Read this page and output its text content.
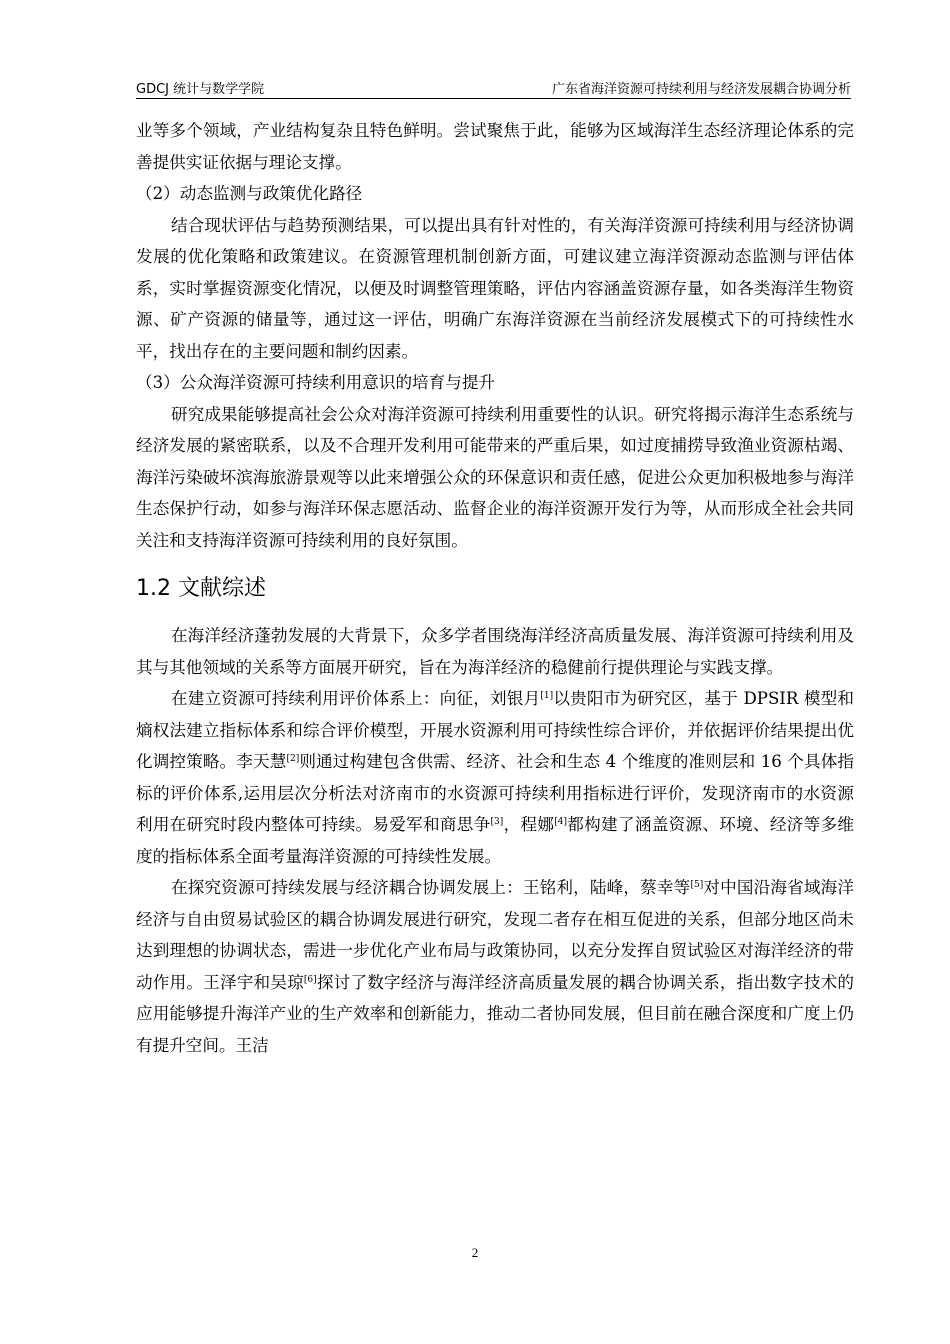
GDCJ 统计与数学学院	广东省海洋资源可持续利用与经济发展耦合协调分析

业等多个领域，产业结构复杂且特色鲜明。尝试聚焦于此，能够为区域海洋生态经济理论体系的完善提供实证依据与理论支撑。

（2）动态监测与政策优化路径

结合现状评估与趋势预测结果，可以提出具有针对性的，有关海洋资源可持续利用与经济协调发展的优化策略和政策建议。在资源管理机制创新方面，可建议建立海洋资源动态监测与评估体系，实时掌握资源变化情况，以便及时调整管理策略，评估内容涵盖资源存量，如各类海洋生物资源、矿产资源的储量等，通过这一评估，明确广东海洋资源在当前经济发展模式下的可持续性水平，找出存在的主要问题和制约因素。

（3）公众海洋资源可持续利用意识的培育与提升

研究成果能够提高社会公众对海洋资源可持续利用重要性的认识。研究将揭示海洋生态系统与经济发展的紧密联系，以及不合理开发利用可能带来的严重后果，如过度捕捞导致渔业资源枯竭、海洋污染破坏滨海旅游景观等以此来增强公众的环保意识和责任感，促进公众更加积极地参与海洋生态保护行动，如参与海洋环保志愿活动、监督企业的海洋资源开发行为等，从而形成全社会共同关注和支持海洋资源可持续利用的良好氛围。

1.2 文献综述

在海洋经济蓬勃发展的大背景下，众多学者围绕海洋经济高质量发展、海洋资源可持续利用及其与其他领域的关系等方面展开研究，旨在为海洋经济的稳健前行提供理论与实践支撑。

在建立资源可持续利用评价体系上：向征，刘银月[1]以贵阳市为研究区，基于 DPSIR 模型和熵权法建立指标体系和综合评价模型，开展水资源利用可持续性综合评价，并依据评价结果提出优化调控策略。李天慧[2]则通过构建包含供需、经济、社会和生态 4 个维度的准则层和 16 个具体指标的评价体系,运用层次分析法对济南市的水资源可持续利用指标进行评价，发现济南市的水资源利用在研究时段内整体可持续。易爱军和商思争[3]，程娜[4]都构建了涵盖资源、环境、经济等多维度的指标体系全面考量海洋资源的可持续性发展。

在探究资源可持续发展与经济耦合协调发展上：王铭利，陆峰，蔡幸等[5]对中国沿海省域海洋经济与自由贸易试验区的耦合协调发展进行研究，发现二者存在相互促进的关系，但部分地区尚未达到理想的协调状态，需进一步优化产业布局与政策协同，以充分发挥自贸试验区对海洋经济的带动作用。王泽宇和吴琼[6]探讨了数字经济与海洋经济高质量发展的耦合协调关系，指出数字技术的应用能够提升海洋产业的生产效率和创新能力，推动二者协同发展，但目前在融合深度和广度上仍有提升空间。王洁

2
